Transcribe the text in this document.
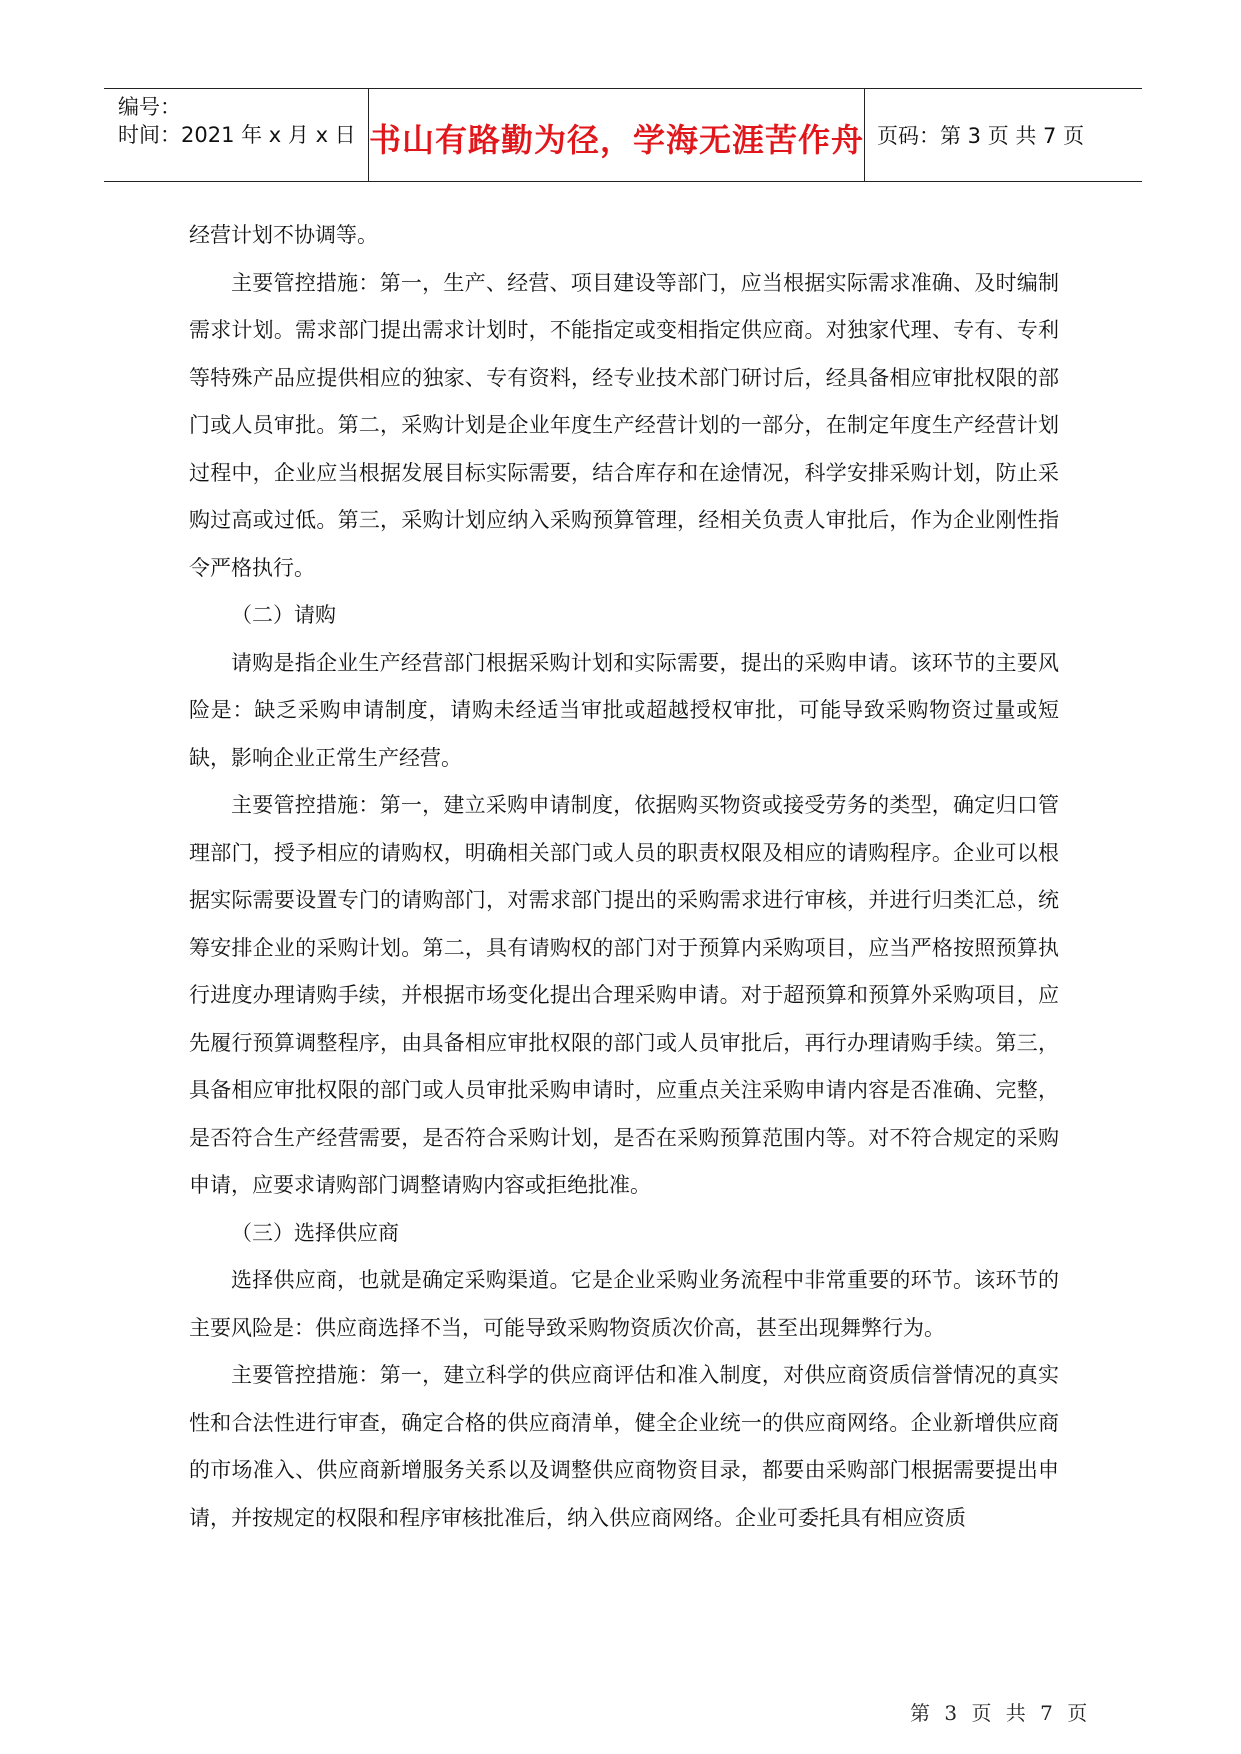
编号：
时间：2021 年 x 月 x 日 书山有路勤为径，学海无涯苦作舟 页码：第 3 页 共 7 页

经营计划不协调等。

主要管控措施：第一，生产、经营、项目建设等部门，应当根据实际需求准确、及时编制需求计划。需求部门提出需求计划时，不能指定或变相指定供应商。对独家代理、专有、专利等特殊产品应提供相应的独家、专有资料，经专业技术部门研讨后，经具备相应审批权限的部门或人员审批。第二，采购计划是企业年度生产经营计划的一部分，在制定年度生产经营计划过程中，企业应当根据发展目标实际需要，结合库存和在途情况，科学安排采购计划，防止采购过高或过低。第三，采购计划应纳入采购预算管理，经相关负责人审批后，作为企业刚性指令严格执行。

（二）请购

请购是指企业生产经营部门根据采购计划和实际需要，提出的采购申请。该环节的主要风险是：缺乏采购申请制度，请购未经适当审批或超越授权审批，可能导致采购物资过量或短缺，影响企业正常生产经营。

主要管控措施：第一，建立采购申请制度，依据购买物资或接受劳务的类型，确定归口管理部门，授予相应的请购权，明确相关部门或人员的职责权限及相应的请购程序。企业可以根据实际需要设置专门的请购部门，对需求部门提出的采购需求进行审核，并进行归类汇总，统筹安排企业的采购计划。第二，具有请购权的部门对于预算内采购项目，应当严格按照预算执行进度办理请购手续，并根据市场变化提出合理采购申请。对于超预算和预算外采购项目，应先履行预算调整程序，由具备相应审批权限的部门或人员审批后，再行办理请购手续。第三，具备相应审批权限的部门或人员审批采购申请时，应重点关注采购申请内容是否准确、完整，是否符合生产经营需要，是否符合采购计划，是否在采购预算范围内等。对不符合规定的采购申请，应要求请购部门调整请购内容或拒绝批准。

（三）选择供应商

选择供应商，也就是确定采购渠道。它是企业采购业务流程中非常重要的环节。该环节的主要风险是：供应商选择不当，可能导致采购物资质次价高，甚至出现舞弊行为。

主要管控措施：第一，建立科学的供应商评估和准入制度，对供应商资质信誉情况的真实性和合法性进行审查，确定合格的供应商清单，健全企业统一的供应商网络。企业新增供应商的市场准入、供应商新增服务关系以及调整供应商物资目录，都要由采购部门根据需要提出申请，并按规定的权限和程序审核批准后，纳入供应商网络。企业可委托具有相应资质

第 3 页 共 7 页
